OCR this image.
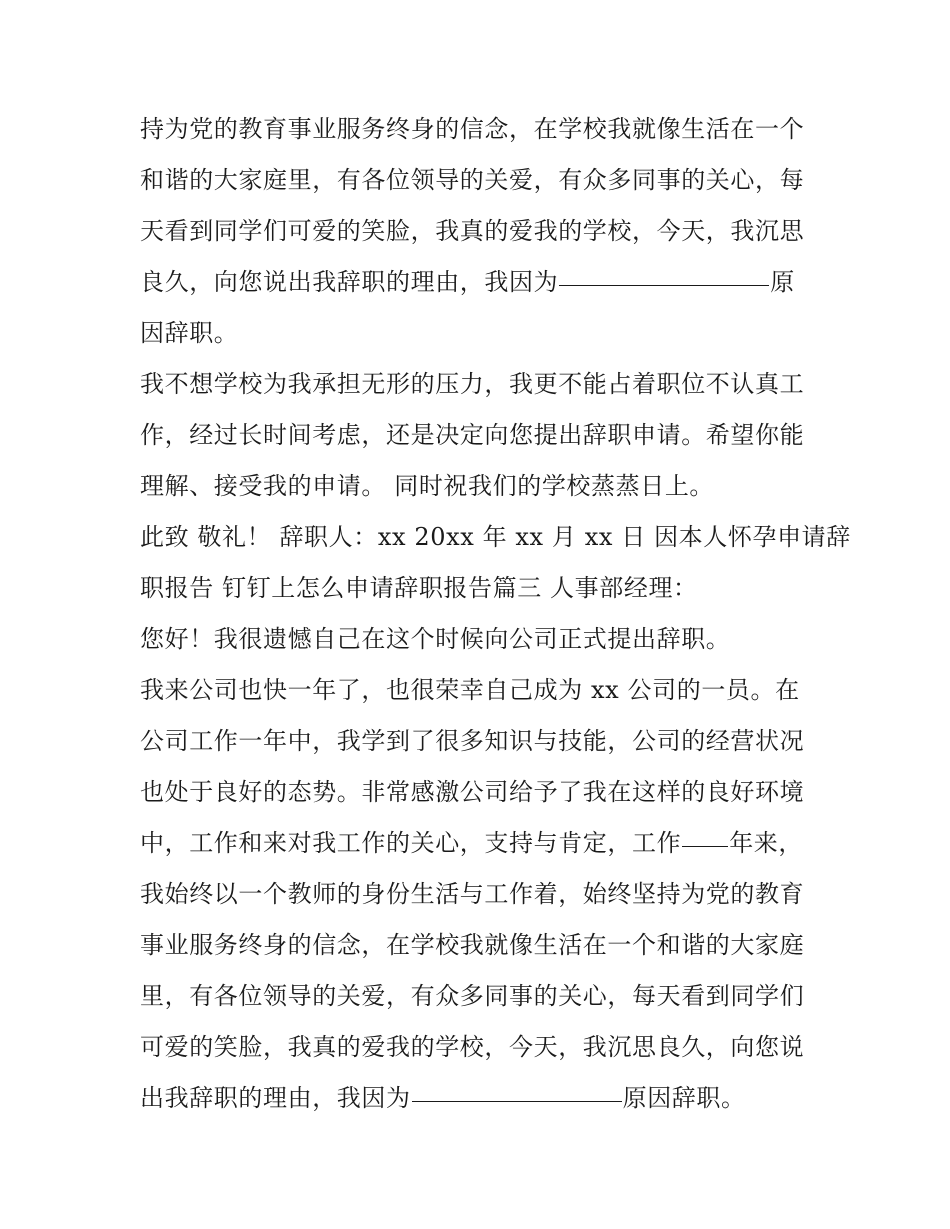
持为党的教育事业服务终身的信念，在学校我就像生活在一个
和谐的大家庭里，有各位领导的关爱，有众多同事的关心，每
天看到同学们可爱的笑脸，我真的爱我的学校，今天，我沉思
良久，向您说出我辞职的理由，我因为	原
因辞职。
我不想学校为我承担无形的压力，我更不能占着职位不认真工
作，经过长时间考虑，还是决定向您提出辞职申请。希望你能
理解、接受我的申请。 同时祝我们的学校蒸蒸日上。
此致 敬礼！ 辞职人：xx 20xx 年 xx 月 xx 日 因本人怀孕申请辞
职报告 钉钉上怎么申请辞职报告篇三 人事部经理：
您好！我很遗憾自己在这个时候向公司正式提出辞职。
我来公司也快一年了，也很荣幸自己成为 xx 公司的一员。在
公司工作一年中，我学到了很多知识与技能，公司的经营状况
也处于良好的态势。非常感激公司给予了我在这样的良好环境
中，工作和来对我工作的关心，支持与肯定，工作 年来，
我始终以一个教师的身份生活与工作着，始终坚持为党的教育
事业服务终身的信念，在学校我就像生活在一个和谐的大家庭
里，有各位领导的关爱，有众多同事的关心，每天看到同学们
可爱的笑脸，我真的爱我的学校，今天，我沉思良久，向您说
出我辞职的理由，我因为	原因辞职。
